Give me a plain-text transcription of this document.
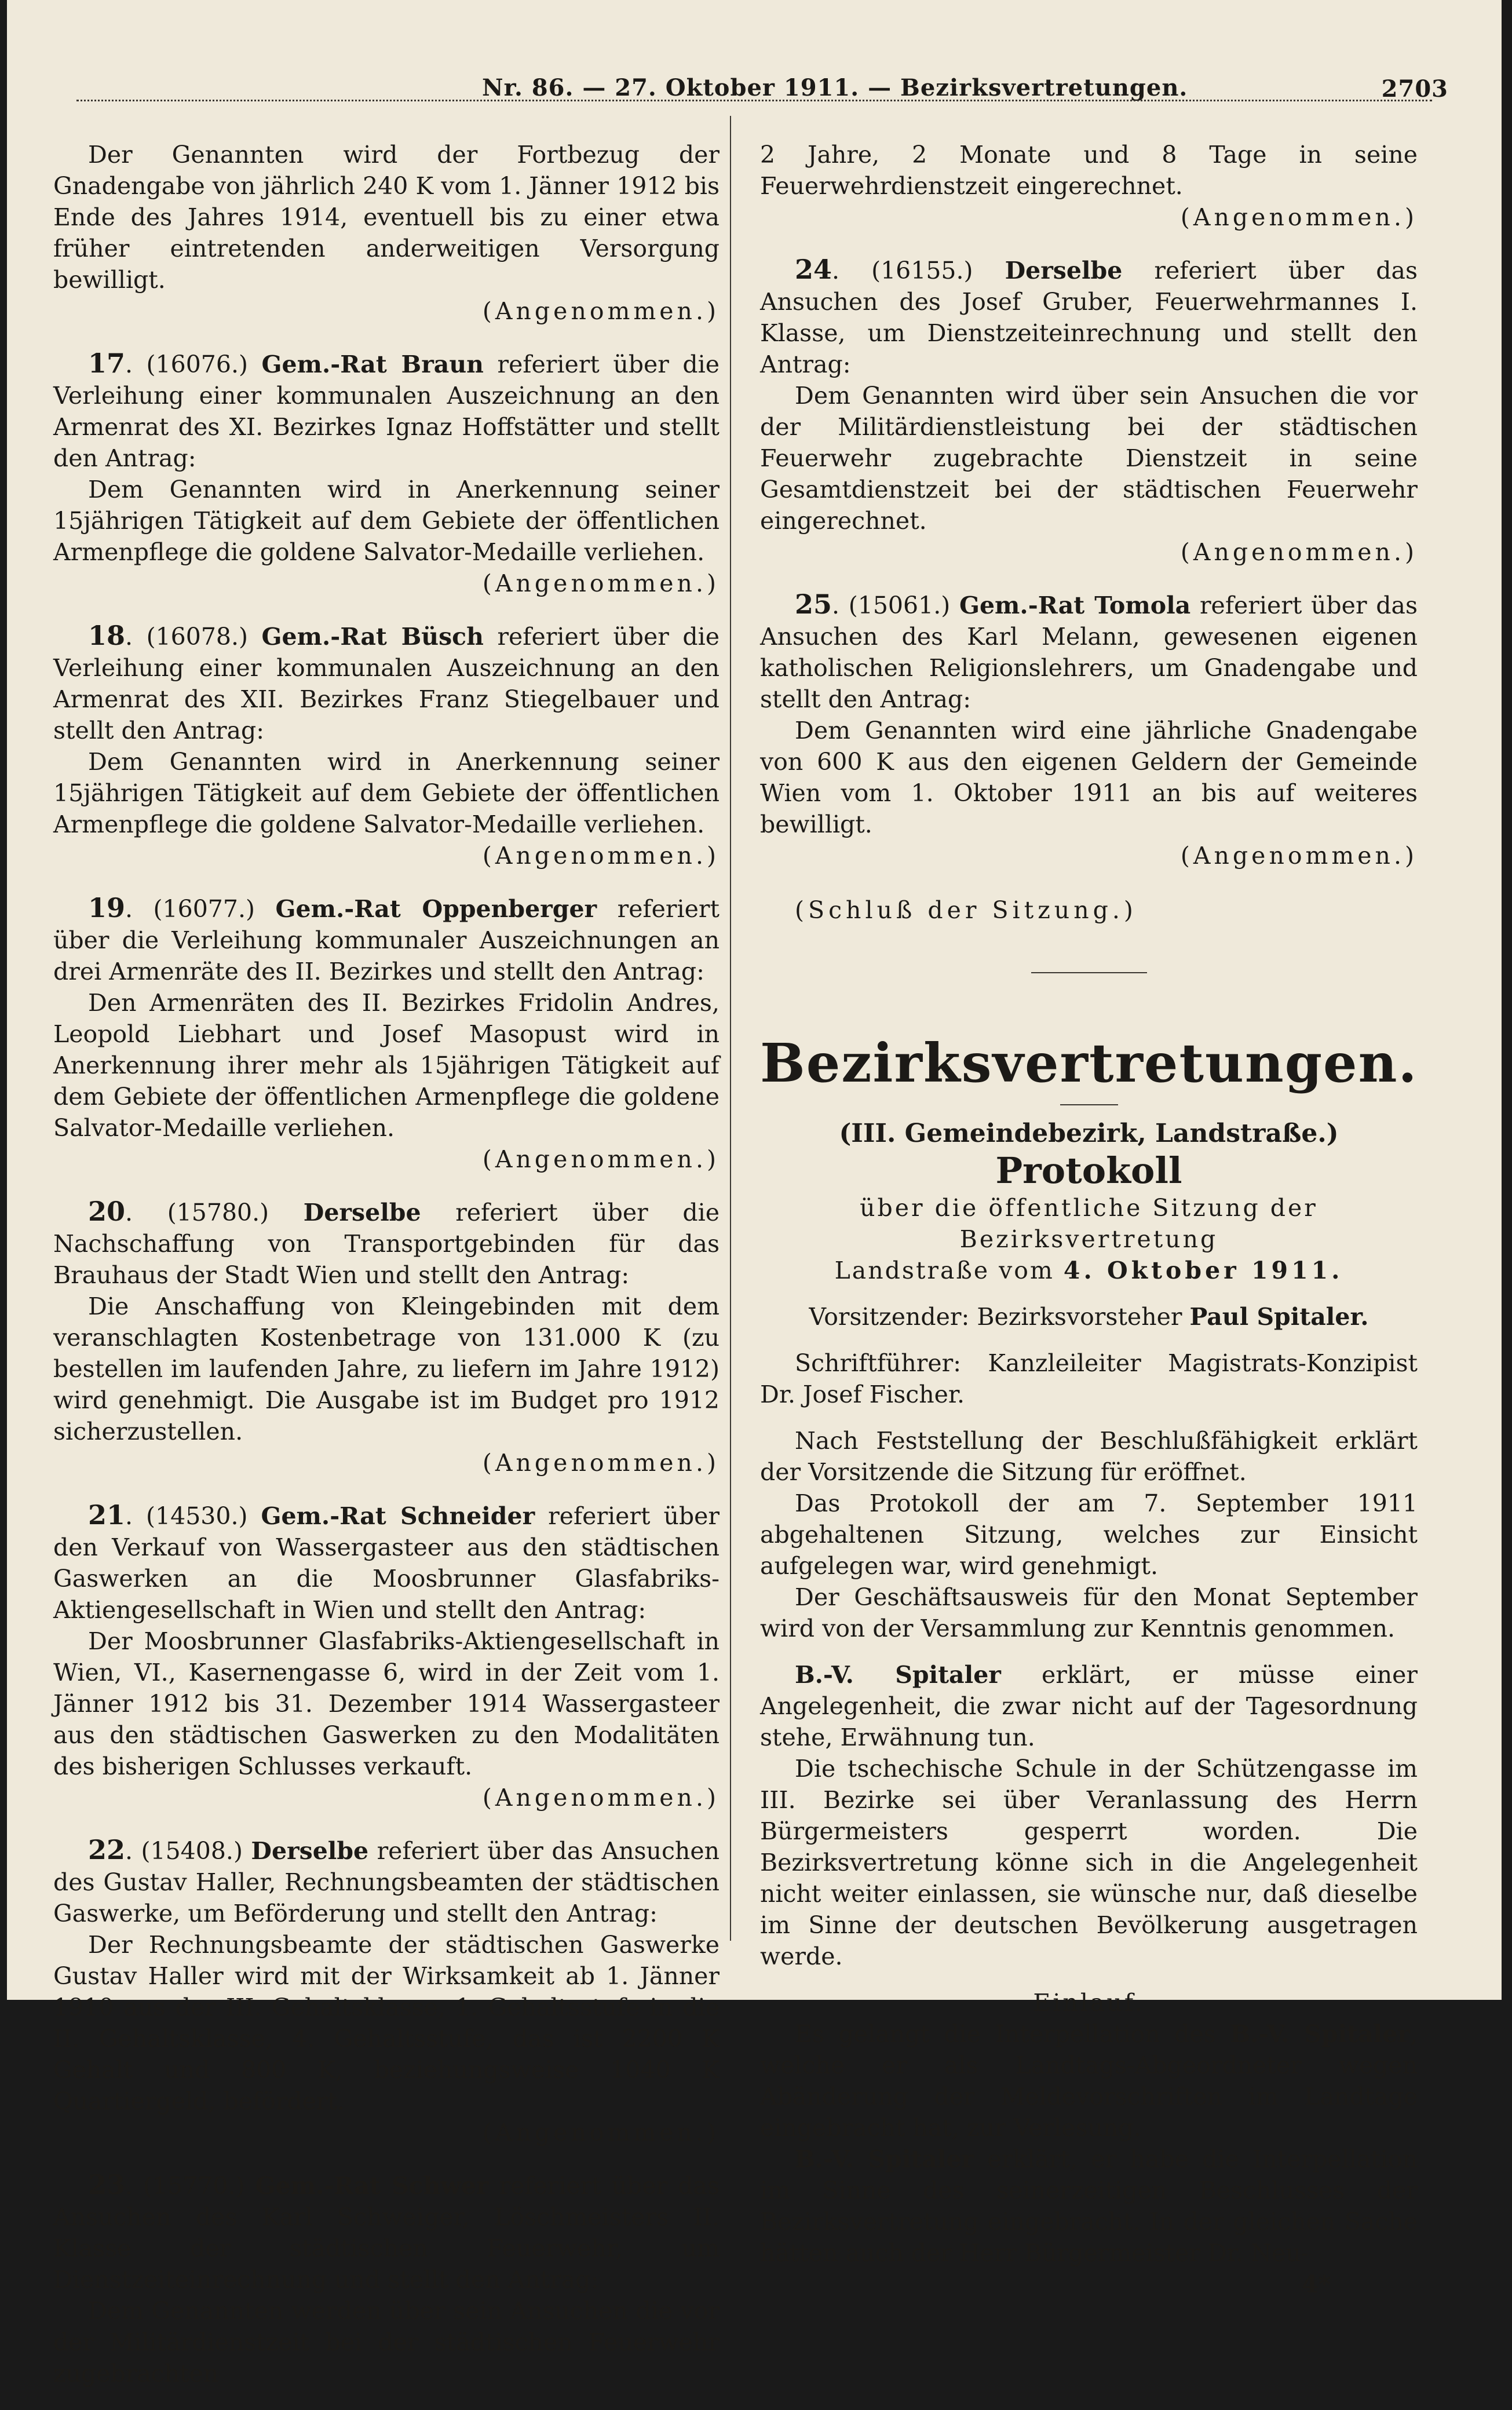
Nr. 86. — 27. Oktober 1911. — Bezirksvertretungen.	2703

Der Genannten wird der Fortbezug der Gnadengabe von jährlich 240 K vom 1. Jänner 1912 bis Ende des Jahres 1914, eventuell bis zu einer etwa früher eintretenden anderweitigen Versorgung bewilligt.

(Angenommen.)

17. (16076.) Gem.-Rat Braun referiert über die Verleihung einer kommunalen Auszeichnung an den Armenrat des XI. Bezirkes Ignaz Hoffstätter und stellt den Antrag:

Dem Genannten wird in Anerkennung seiner 15jährigen Tätigkeit auf dem Gebiete der öffentlichen Armenpflege die goldene Salvator-Medaille verliehen.

(Angenommen.)

18. (16078.) Gem.-Rat Büsch referiert über die Verleihung einer kommunalen Auszeichnung an den Armenrat des XII. Bezirkes Franz Stiegelbauer und stellt den Antrag:

Dem Genannten wird in Anerkennung seiner 15jährigen Tätigkeit auf dem Gebiete der öffentlichen Armenpflege die goldene Salvator-Medaille verliehen.

(Angenommen.)

19. (16077.) Gem.-Rat Oppenberger referiert über die Verleihung kommunaler Auszeichnungen an drei Armenräte des II. Bezirkes und stellt den Antrag:

Den Armenräten des II. Bezirkes Fridolin Andres, Leopold Liebhart und Josef Masopust wird in Anerkennung ihrer mehr als 15jährigen Tätigkeit auf dem Gebiete der öffentlichen Armenpflege die goldene Salvator-Medaille verliehen.

(Angenommen.)

20. (15780.) Derselbe referiert über die Nachschaffung von Transportgebinden für das Brauhaus der Stadt Wien und stellt den Antrag:

Die Anschaffung von Kleingebinden mit dem veranschlagten Kostenbetrage von 131.000 K (zu bestellen im laufenden Jahre, zu liefern im Jahre 1912) wird genehmigt. Die Ausgabe ist im Budget pro 1912 sicherzustellen.

(Angenommen.)

21. (14530.) Gem.-Rat Schneider referiert über den Verkauf von Wassergasteer aus den städtischen Gaswerken an die Moosbrunner Glasfabriks-Aktiengesellschaft in Wien und stellt den Antrag:

Der Moosbrunner Glasfabriks-Aktiengesellschaft in Wien, VI., Kasernengasse 6, wird in der Zeit vom 1. Jänner 1912 bis 31. Dezember 1914 Wassergasteer aus den städtischen Gaswerken zu den Modalitäten des bisherigen Schlusses verkauft.

(Angenommen.)

22. (15408.) Derselbe referiert über das Ansuchen des Gustav Haller, Rechnungsbeamten der städtischen Gaswerke, um Beförderung und stellt den Antrag:

Der Rechnungsbeamte der städtischen Gaswerke Gustav Haller wird mit der Wirksamkeit ab 1. Jänner 1910 aus der III. Gehaltsklasse, 1. Gehaltsstufe in die II. Gehaltsklasse, 4. Gehaltsstufe, das ist 2200 K Gehalt und 800 K, beziehungsweise 1040 K Quartiergeld, befördert.

(Angenommen.)

23. (15770.) Gem.-Rat Schwer referiert über das Ansuchen des Karl Schweiger, Löschmeisters II. Klasse der städtischen Feuerwehr, um Dienstzeiteinrechnung und stellt den Antrag:

Dem Genannten werden über sein Ansuchen die vor der Militärdienstzeit bei der städtischen Feuerwehr zugebrachten

2 Jahre, 2 Monate und 8 Tage in seine Feuerwehrdienstzeit eingerechnet.

(Angenommen.)

24. (16155.) Derselbe referiert über das Ansuchen des Josef Gruber, Feuerwehrmannes I. Klasse, um Dienstzeiteinrechnung und stellt den Antrag:

Dem Genannten wird über sein Ansuchen die vor der Militärdienstleistung bei der städtischen Feuerwehr zugebrachte Dienstzeit in seine Gesamtdienstzeit bei der städtischen Feuerwehr eingerechnet.

(Angenommen.)

25. (15061.) Gem.-Rat Tomola referiert über das Ansuchen des Karl Melann, gewesenen eigenen katholischen Religionslehrers, um Gnadengabe und stellt den Antrag:

Dem Genannten wird eine jährliche Gnadengabe von 600 K aus den eigenen Geldern der Gemeinde Wien vom 1. Oktober 1911 an bis auf weiteres bewilligt.

(Angenommen.)

(Schluß der Sitzung.)

Bezirksvertretungen.

(III. Gemeindebezirk, Landstraße.)

Protokoll

über die öffentliche Sitzung der Bezirksvertretung

Landstraße vom 4. Oktober 1911.

Vorsitzender: Bezirksvorsteher Paul Spitaler.

Schriftführer: Kanzleileiter Magistrats-Konzipist Dr. Josef Fischer.

Nach Feststellung der Beschlußfähigkeit erklärt der Vorsitzende die Sitzung für eröffnet.

Das Protokoll der am 7. September 1911 abgehaltenen Sitzung, welches zur Einsicht aufgelegen war, wird genehmigt.

Der Geschäftsausweis für den Monat September wird von der Versammlung zur Kenntnis genommen.

B.-V. Spitaler erklärt, er müsse einer Angelegenheit, die zwar nicht auf der Tagesordnung stehe, Erwähnung tun.

Die tschechische Schule in der Schützengasse im III. Bezirke sei über Veranlassung des Herrn Bürgermeisters gesperrt worden. Die Bezirksvertretung könne sich in die Angelegenheit nicht weiter einlassen, sie wünsche nur, daß dieselbe im Sinne der deutschen Bevölkerung ausgetragen werde.

Einlauf.

Es gelangt die Interpellation des B.-V. Spitaler, welche er als Landtags-Abgeordneter wegen Abänderung der Meldevorschriften im Landtage eingebracht hat, zur Verlesung.

B.-V. Spitaler erklärt, er habe die Interpellation im Sinne des seinerzeitigen Beschlusses der Bezirksvertretung eingebracht. In der gleichen Sache hätten auch der Herr Bürgermeister Dr. Neu-

4*
